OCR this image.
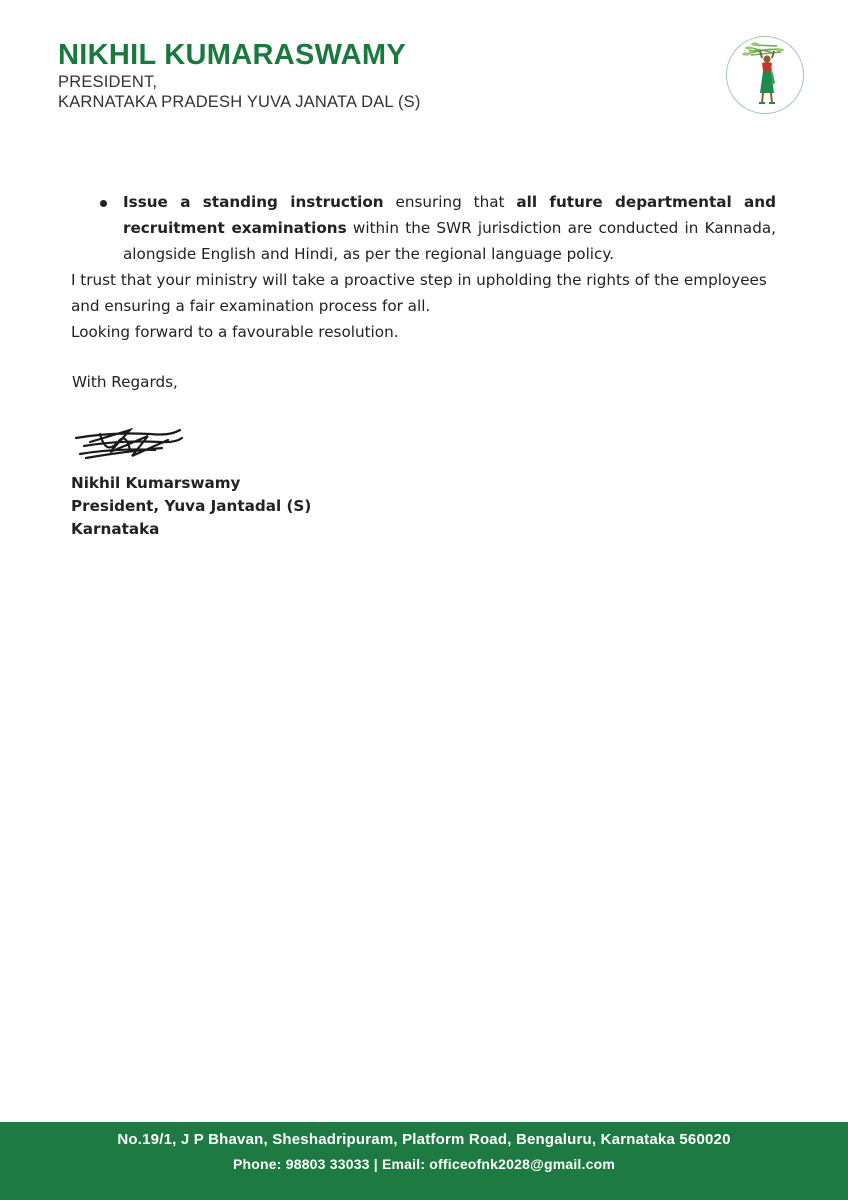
NIKHIL KUMARASWAMY
PRESIDENT,
KARNATAKA PRADESH YUVA JANATA DAL (S)
Issue a standing instruction ensuring that all future departmental and recruitment examinations within the SWR jurisdiction are conducted in Kannada, alongside English and Hindi, as per the regional language policy.

I trust that your ministry will take a proactive step in upholding the rights of the employees and ensuring a fair examination process for all.

Looking forward to a favourable resolution.

With Regards,
Nikhil Kumarswamy
President, Yuva Jantadal (S)
Karnataka
No.19/1, J P Bhavan, Sheshadripuram, Platform Road, Bengaluru, Karnataka 560020
Phone: 98803 33033 | Email: officeofnk2028@gmail.com
